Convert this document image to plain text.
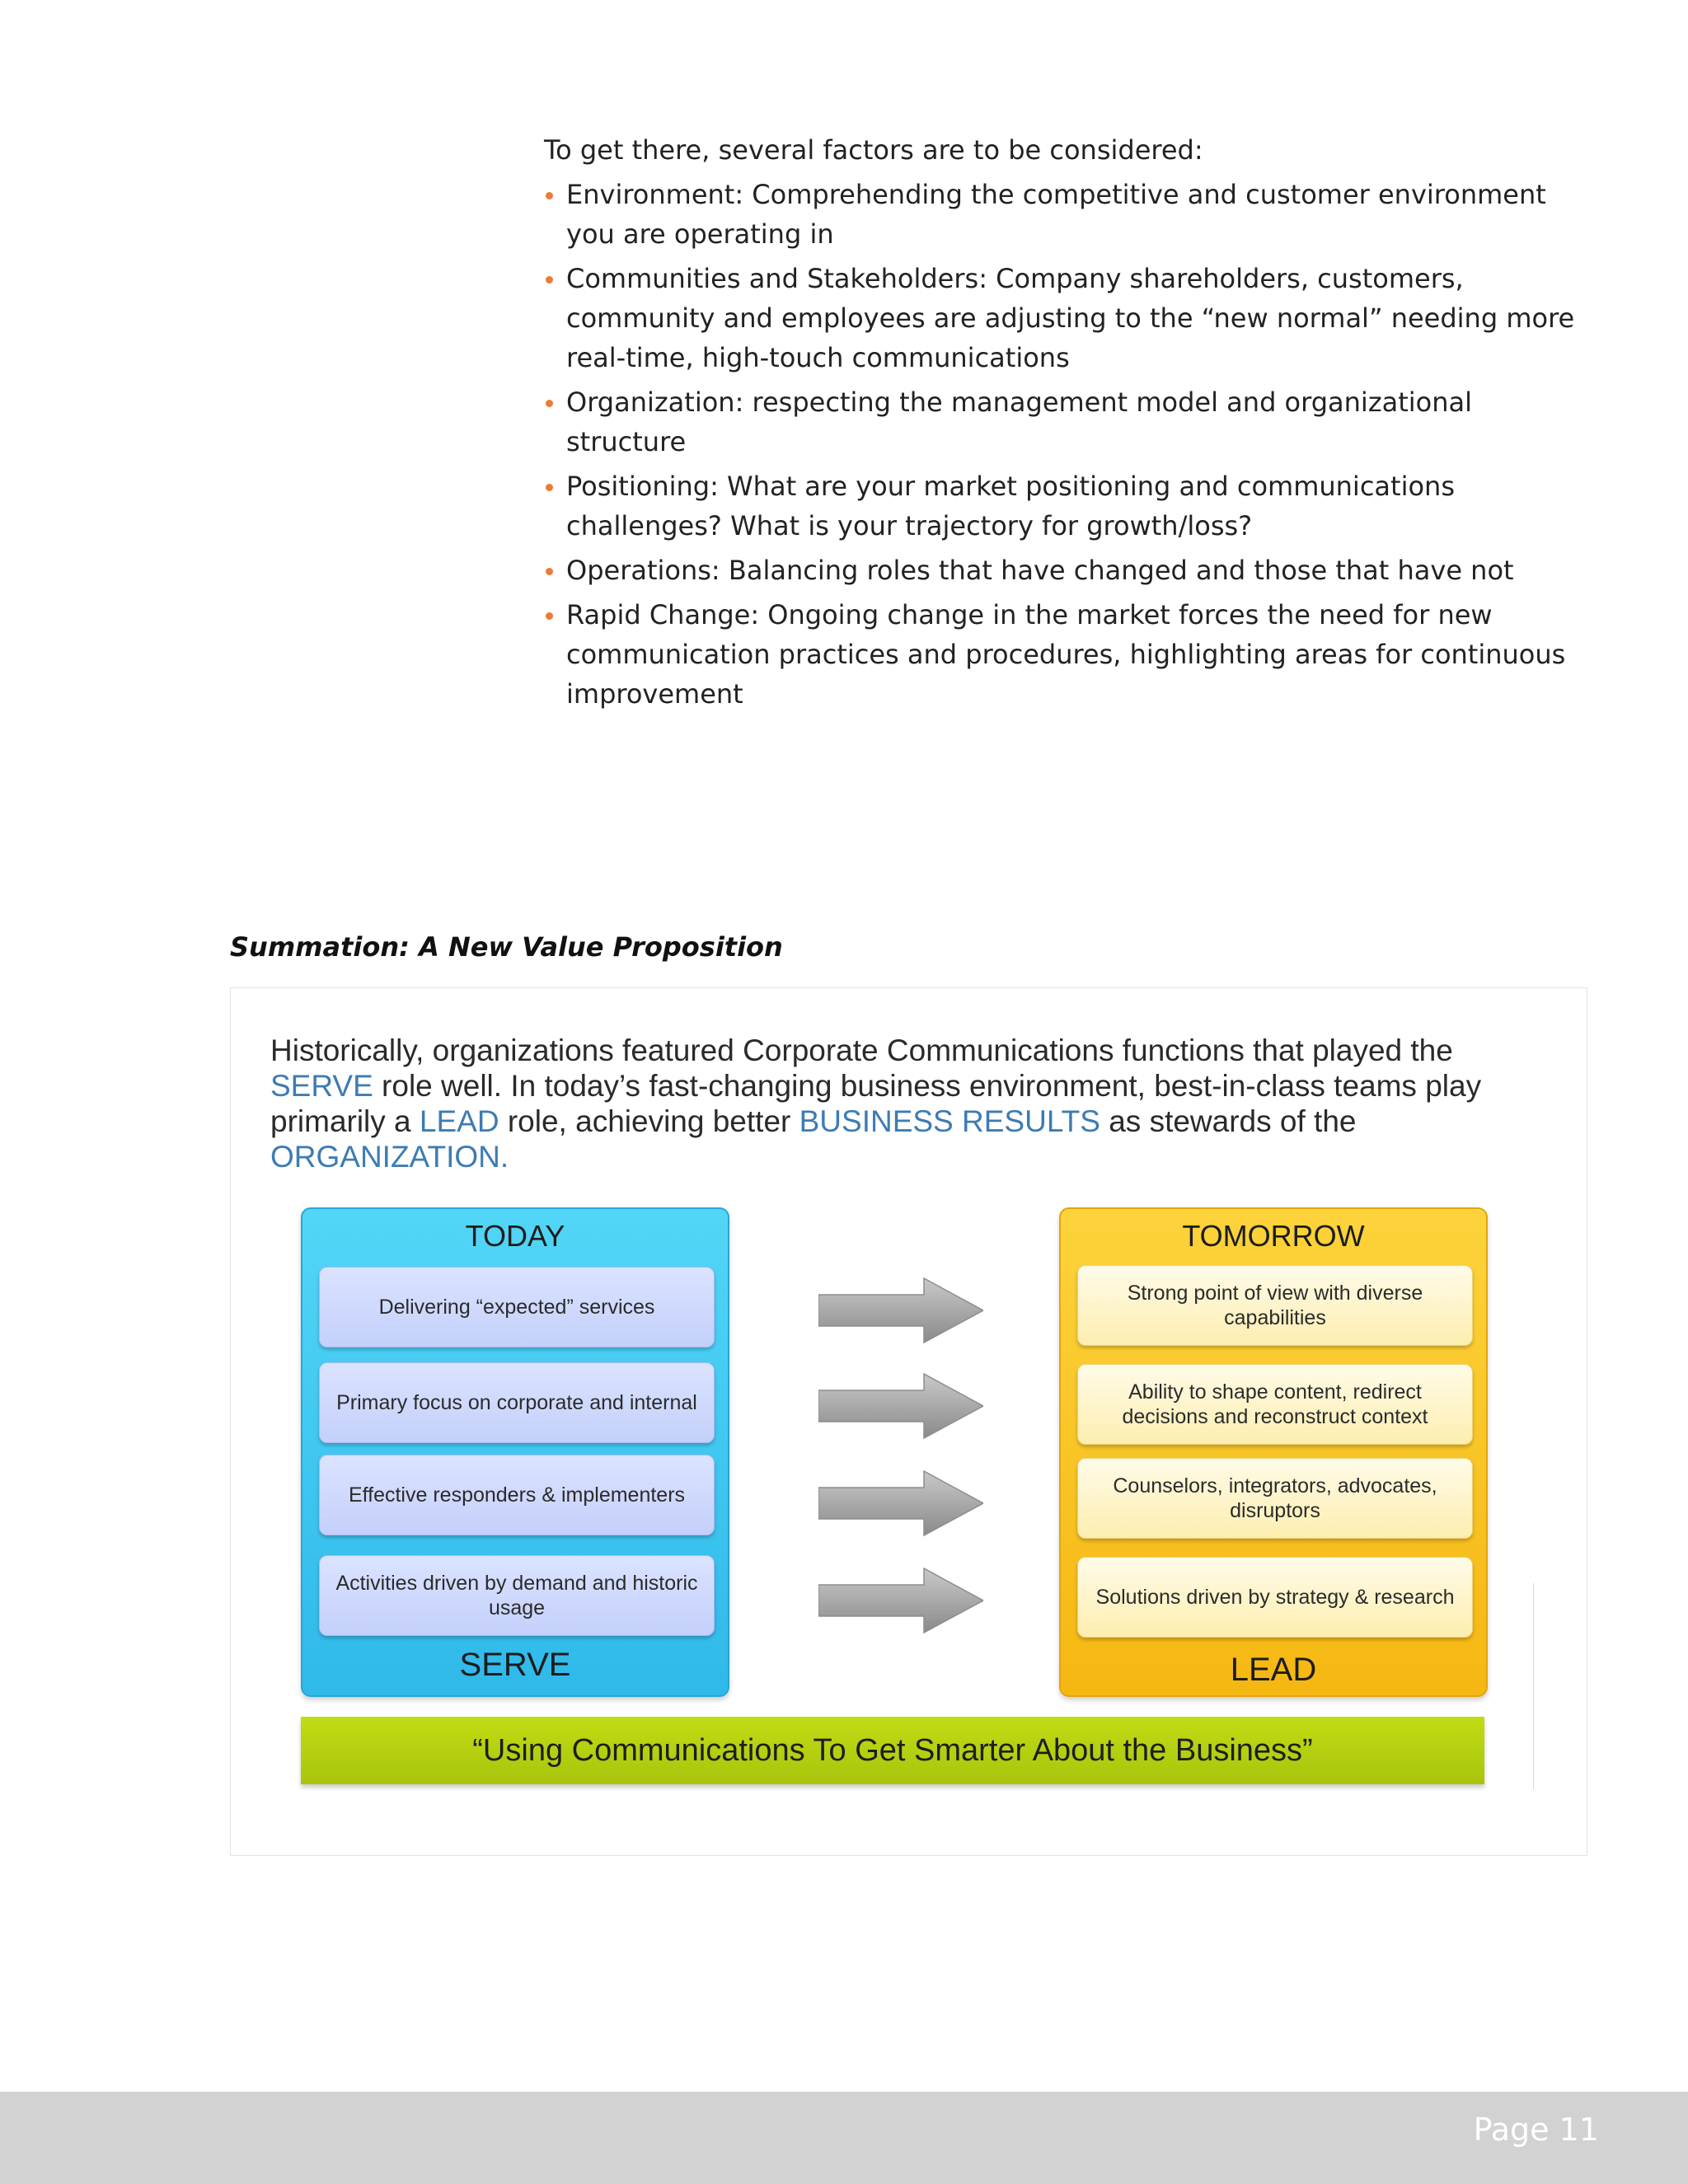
To get there, several factors are to be considered:

Environment: Comprehending the competitive and customer environment you are operating in
Communities and Stakeholders: Company shareholders, customers, community and employees are adjusting to the “new normal” needing more real-time, high-touch communications
Organization: respecting the management model and organizational structure
Positioning: What are your market positioning and communications challenges? What is your trajectory for growth/loss?
Operations: Balancing roles that have changed and those that have not
Rapid Change: Ongoing change in the market forces the need for new communication practices and procedures, highlighting areas for continuous improvement
Summation: A New Value Proposition
Historically, organizations featured Corporate Communications functions that played the SERVE role well. In today’s fast-changing business environment, best-in-class teams play primarily a LEAD role, achieving better BUSINESS RESULTS as stewards of the ORGANIZATION.
TODAY
Delivering “expected” services
Primary focus on corporate and internal
Effective responders & implementers
Activities driven by demand and historic usage
SERVE
TOMORROW
Strong point of view with diverse capabilities
Ability to shape content, redirect decisions and reconstruct context
Counselors, integrators, advocates, disruptors
Solutions driven by strategy & research
LEAD
“Using Communications To Get Smarter About the Business”
Page 11
